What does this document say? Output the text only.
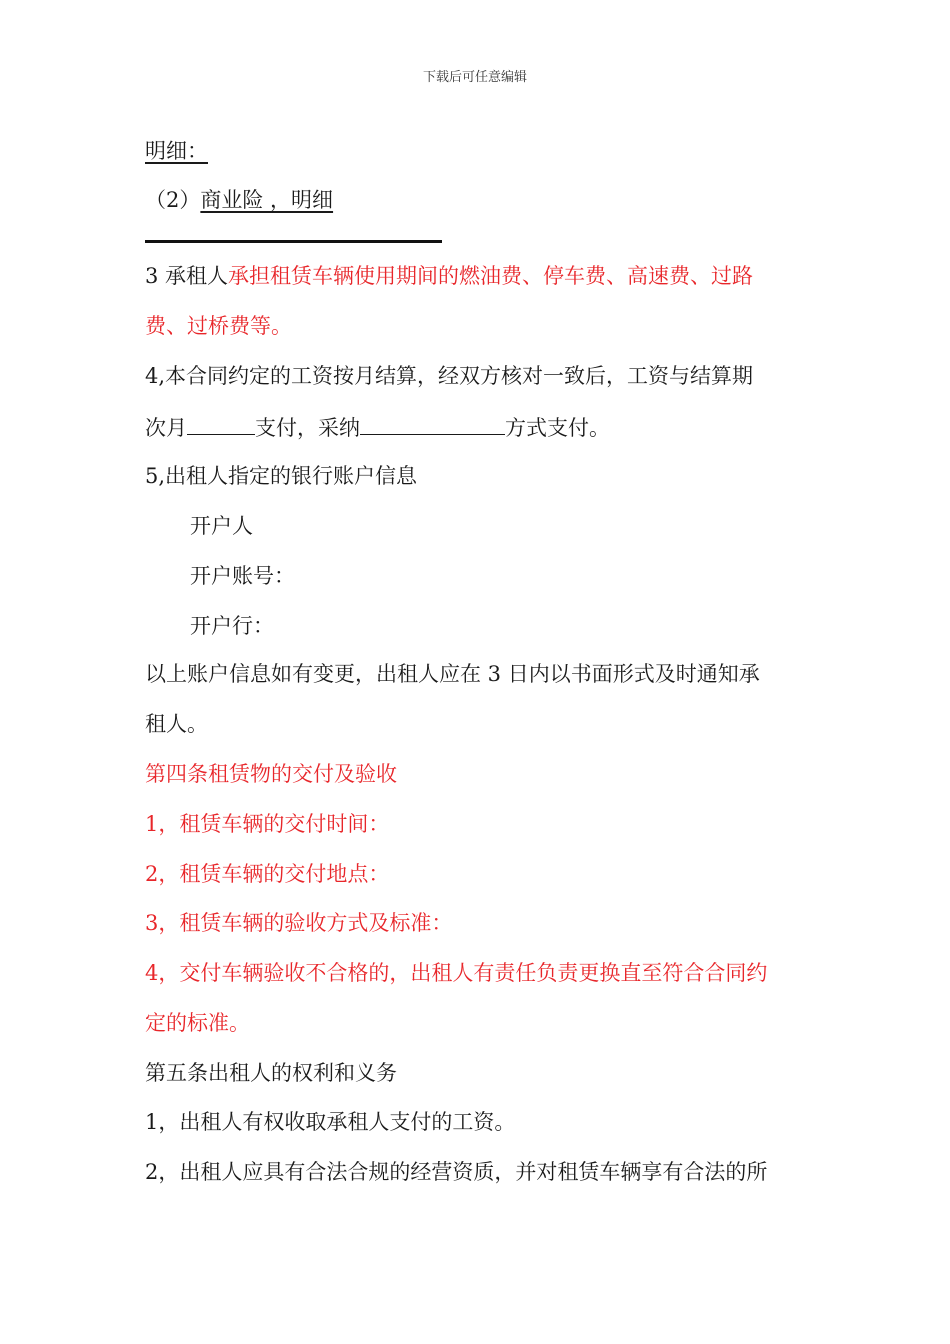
下载后可任意编辑
明细：
（2）商业险 ，明细
3 承租人承担租赁车辆使用期间的燃油费、停车费、高速费、过路
费、过桥费等。
4,本合同约定的工资按月结算，经双方核对一致后，工资与结算期
次月	支付，采纳	方式支付。
5,出租人指定的银行账户信息
开户人
开户账号：
开户行：
以上账户信息如有变更，出租人应在 3 日内以书面形式及时通知承
租人。
第四条租赁物的交付及验收
1，租赁车辆的交付时间：
2，租赁车辆的交付地点：
3，租赁车辆的验收方式及标准：
4，交付车辆验收不合格的，出租人有责任负责更换直至符合合同约
定的标准。
第五条出租人的权利和义务
1，出租人有权收取承租人支付的工资。
2，出租人应具有合法合规的经营资质，并对租赁车辆享有合法的所
